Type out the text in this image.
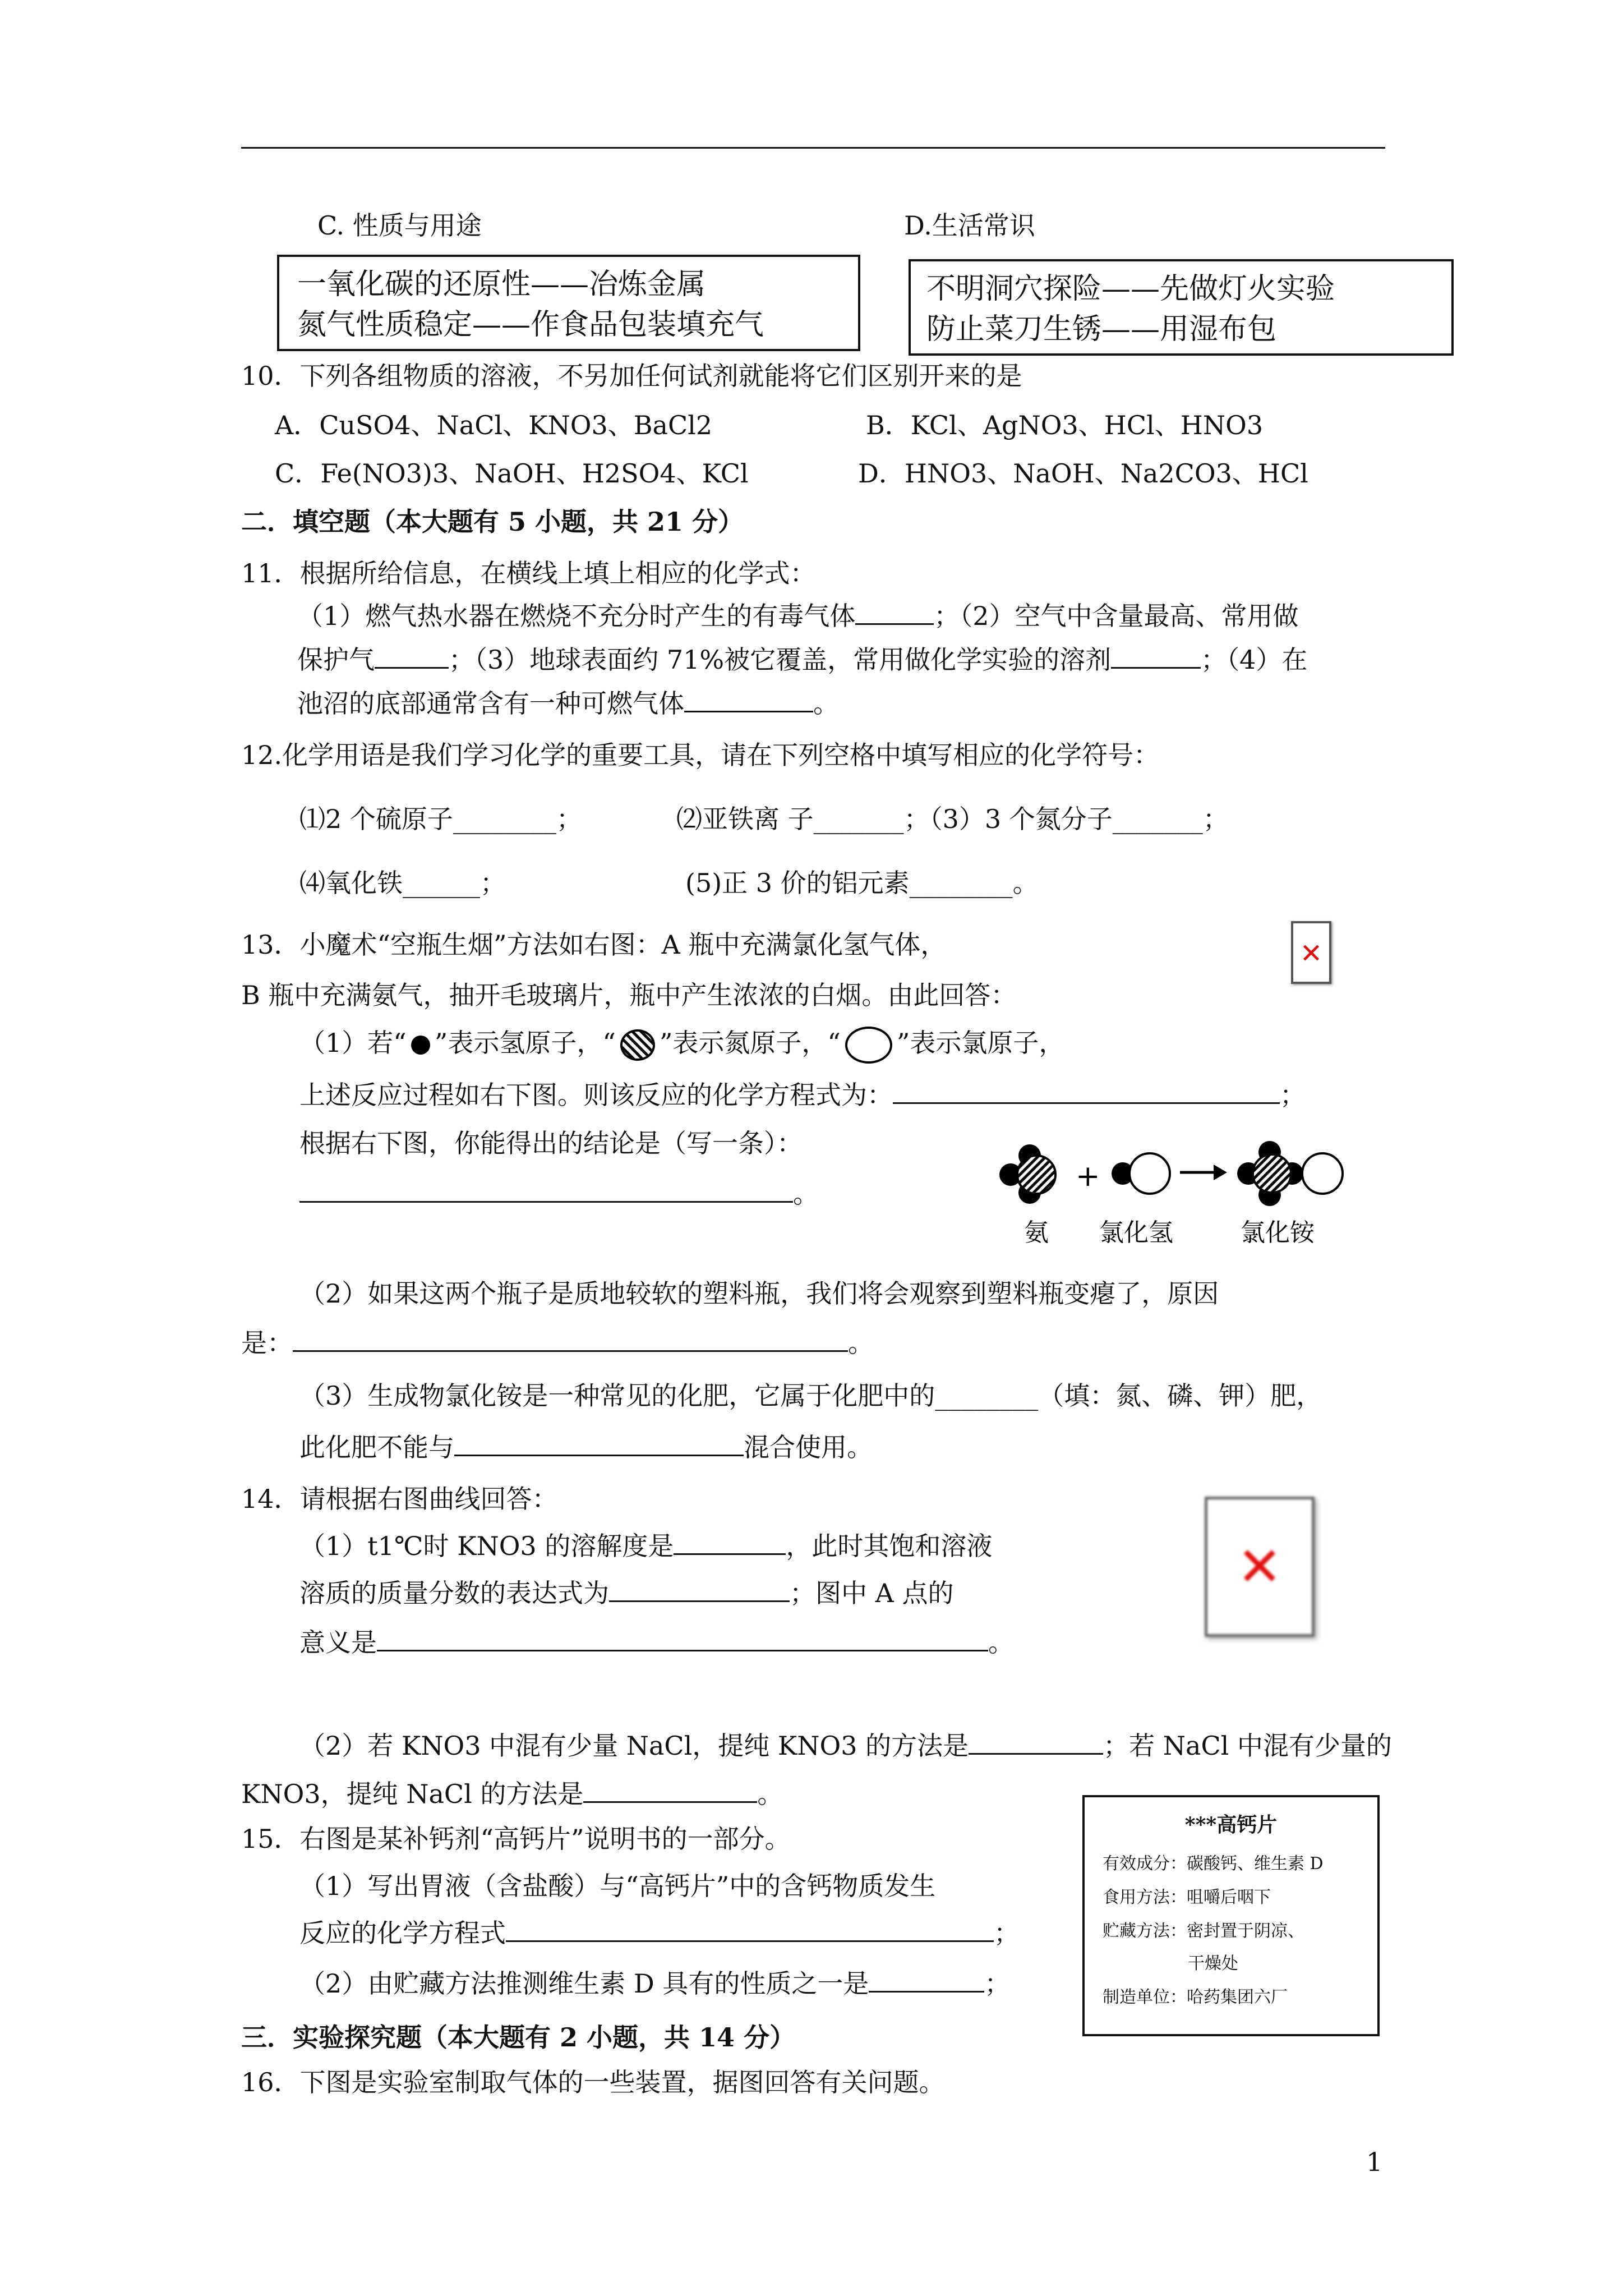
C. 性质与用途	D.生活常识
一氧化碳的还原性——冶炼金属
氮气性质稳定——作食品包装填充气
不明洞穴探险——先做灯火实验
防止菜刀生锈——用湿布包
10．下列各组物质的溶液，不另加任何试剂就能将它们区别开来的是
A．CuSO4、NaCl、KNO3、BaCl2	B．KCl、AgNO3、HCl、HNO3
C．Fe(NO3)3、NaOH、H2SO4、KCl	D．HNO3、NaOH、Na2CO3、HCl
二．填空题（本大题有 5 小题，共 21 分）
11．根据所给信息，在横线上填上相应的化学式：
（1）燃气热水器在燃烧不充分时产生的有毒气体	；（2）空气中含量最高、常用做
保护气	；（3）地球表面约 71%被它覆盖，常用做化学实验的溶剂	；（4）在
池沼的底部通常含有一种可燃气体	。
12.化学用语是我们学习化学的重要工具，请在下列空格中填写相应的化学符号：
⑴2 个硫原子________；	⑵亚铁离 子_______；（3）3 个氮分子_______；
⑷氧化铁______；	(5)正 3 价的铝元素________。
13．小魔术“空瓶生烟”方法如右图：A 瓶中充满氯化氢气体，	✕
B 瓶中充满氨气，抽开毛玻璃片，瓶中产生浓浓的白烟。由此回答：
（1）若“ ”表示氢原子，“ ”表示氮原子，“ ”表示氯原子，
上述反应过程如右下图。则该反应的化学方程式为：	；
根据右下图，你能得出的结论是（写一条）：
。
+
氨 氯化氢	氯化铵
（2）如果这两个瓶子是质地较软的塑料瓶，我们将会观察到塑料瓶变瘪了，原因
是：	。
（3）生成物氯化铵是一种常见的化肥，它属于化肥中的________（填：氮、磷、钾）肥，
此化肥不能与	混合使用。
14．请根据右图曲线回答：
✕
（1）t1℃时 KNO3 的溶解度是	，此时其饱和溶液
溶质的质量分数的表达式为	；图中 A 点的
意义是	。
（2）若 KNO3 中混有少量 NaCl，提纯 KNO3 的方法是	；若 NaCl 中混有少量的
KNO3，提纯 NaCl 的方法是	。
15．右图是某补钙剂“高钙片”说明书的一部分。
（1）写出胃液（含盐酸）与“高钙片”中的含钙物质发生
反应的化学方程式	；
（2）由贮藏方法推测维生素 D 具有的性质之一是	；
***高钙片
有效成分：碳酸钙、维生素 D
食用方法：咀嚼后咽下
贮藏方法：密封置于阴凉、
干燥处
制造单位：哈药集团六厂
三．实验探究题（本大题有 2 小题，共 14 分）
16．下图是实验室制取气体的一些装置，据图回答有关问题。
1
